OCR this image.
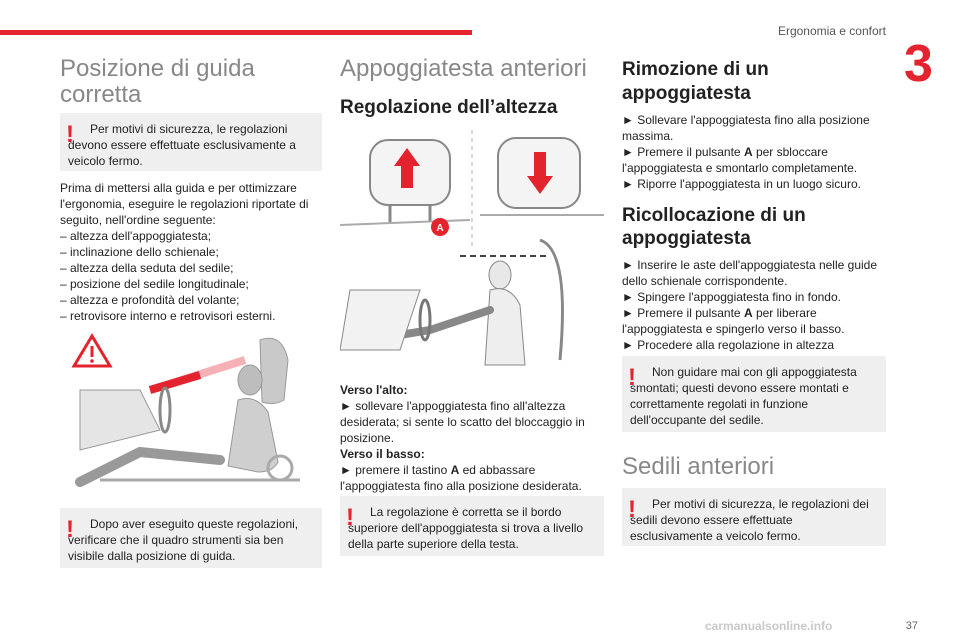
Ergonomia e confort
3
Posizione di guida corretta
!	Per motivi di sicurezza, le regolazioni devono essere effettuate esclusivamente a veicolo fermo.

Prima di mettersi alla guida e per ottimizzare l'ergonomia, eseguire le regolazioni riportate di seguito, nell'ordine seguente:

– altezza dell'appoggiatesta;

– inclinazione dello schienale;

– altezza della seduta del sedile;

– posizione del sedile longitudinale;

– altezza e profondità del volante;

– retrovisore interno e retrovisori esterni.

!	Dopo aver eseguito queste regolazioni, verificare che il quadro strumenti sia ben visibile dalla posizione di guida.

Appoggiatesta anteriori
Regolazione dell’altezza
A

Verso l'alto:

► sollevare l'appoggiatesta fino all'altezza desiderata; si sente lo scatto del bloccaggio in posizione.

Verso il basso:

► premere il tastino A ed abbassare l'appoggiatesta fino alla posizione desiderata.

!	La regolazione è corretta se il bordo superiore dell'appoggiatesta si trova a livello della parte superiore della testa.

Rimozione di un appoggiatesta

► Sollevare l'appoggiatesta fino alla posizione massima.

► Premere il pulsante A per sbloccare l'appoggiatesta e smontarlo completamente.

► Riporre l'appoggiatesta in un luogo sicuro.

Ricollocazione di un appoggiatesta

► Inserire le aste dell'appoggiatesta nelle guide dello schienale corrispondente.

► Spingere l'appoggiatesta fino in fondo.

► Premere il pulsante A per liberare l'appoggiatesta e spingerlo verso il basso.

► Procedere alla regolazione in altezza

!	Non guidare mai con gli appoggiatesta smontati; questi devono essere montati e correttamente regolati in funzione dell'occupante del sedile.

Sedili anteriori
!	Per motivi di sicurezza, le regolazioni dei sedili devono essere effettuate esclusivamente a veicolo fermo.

carmanualsonline.info	37
